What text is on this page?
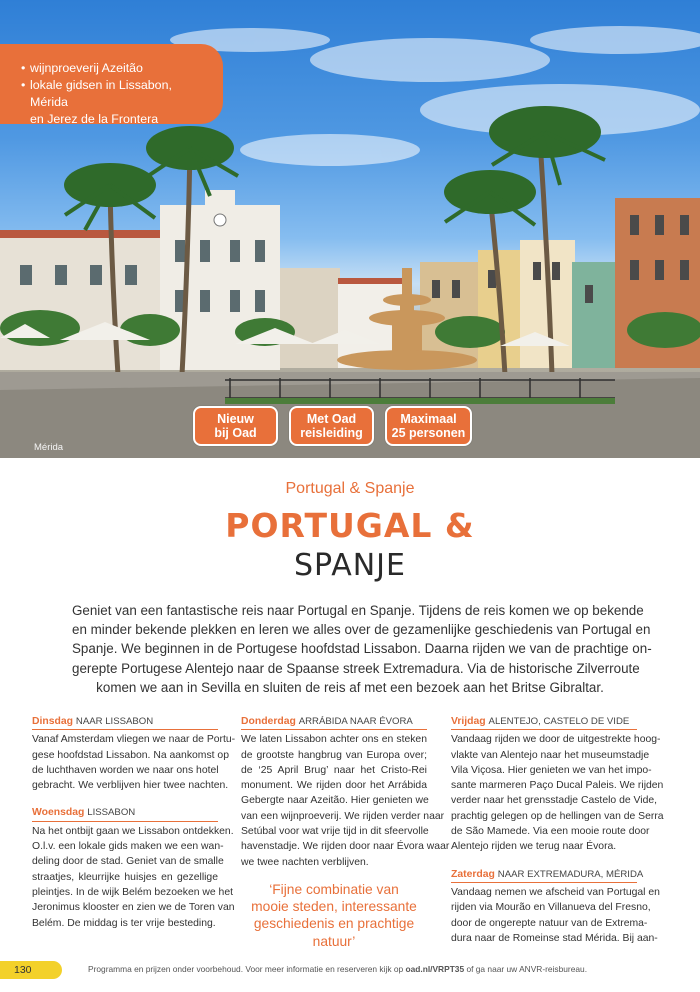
• wijnproeverij Azeitão
• lokale gidsen in Lissabon, Mérida
en Jerez de la Frontera
Mérida
Nieuw
bij Oad
Met Oad
reisleiding
Maximaal
25 personen
Portugal & Spanje
PORTUGAL &
SPANJE
Geniet van een fantastische reis naar Portugal en Spanje. Tijdens de reis komen we op bekende
en minder bekende plekken en leren we alles over de gezamenlijke geschiedenis van Portugal en
Spanje. We beginnen in de Portugese hoofdstad Lissabon. Daarna rijden we van de prachtige on-
gerepte Portugese Alentejo naar de Spaanse streek Extremadura. Via de historische Zilverroute
komen we aan in Sevilla en sluiten de reis af met een bezoek aan het Britse Gibraltar.
Dinsdag NAAR LISSABON
Vanaf Amsterdam vliegen we naar de Portu-
gese hoofdstad Lissabon. Na aankomst op
de luchthaven worden we naar ons hotel
gebracht. We verblijven hier twee nachten.
Woensdag LISSABON
Na het ontbijt gaan we Lissabon ontdekken.
O.l.v. een lokale gids maken we een wan-
deling door de stad. Geniet van de smalle
straatjes, kleurrijke huisjes en gezellige
pleintjes. In de wijk Belém bezoeken we het
Jeronimus klooster en zien we de Toren van
Belém. De middag is ter vrije besteding.
Donderdag ARRÁBIDA NAAR ÉVORA
We laten Lissabon achter ons en steken
de grootste hangbrug van Europa over;
de ‘25 April Brug’ naar het Cristo-Rei
monument. We rijden door het Arrábida
Gebergte naar Azeitão. Hier genieten we
van een wijnproeverij. We rijden verder naar
Setúbal voor wat vrije tijd in dit sfeervolle
havenstadje. We rijden door naar Évora waar
we twee nachten verblijven.
‘Fijne combinatie van
mooie steden, interessante
geschiedenis en prachtige
natuur’
Vrijdag ALENTEJO, CASTELO DE VIDE
Vandaag rijden we door de uitgestrekte hoog-
vlakte van Alentejo naar het museumstadje
Vila Viçosa. Hier genieten we van het impo-
sante marmeren Paço Ducal Paleis. We rijden
verder naar het grensstadje Castelo de Vide,
prachtig gelegen op de hellingen van de Serra
de São Mamede. Via een mooie route door
Alentejo rijden we terug naar Évora.
Zaterdag NAAR EXTREMADURA, MÉRIDA
Vandaag nemen we afscheid van Portugal en
rijden via Mourão en Villanueva del Fresno,
door de ongerepte natuur van de Extrema-
dura naar de Romeinse stad Mérida. Bij aan-
130	Programma en prijzen onder voorbehoud. Voor meer informatie en reserveren kijk op oad.nl/VRPT35 of ga naar uw ANVR-reisbureau.
